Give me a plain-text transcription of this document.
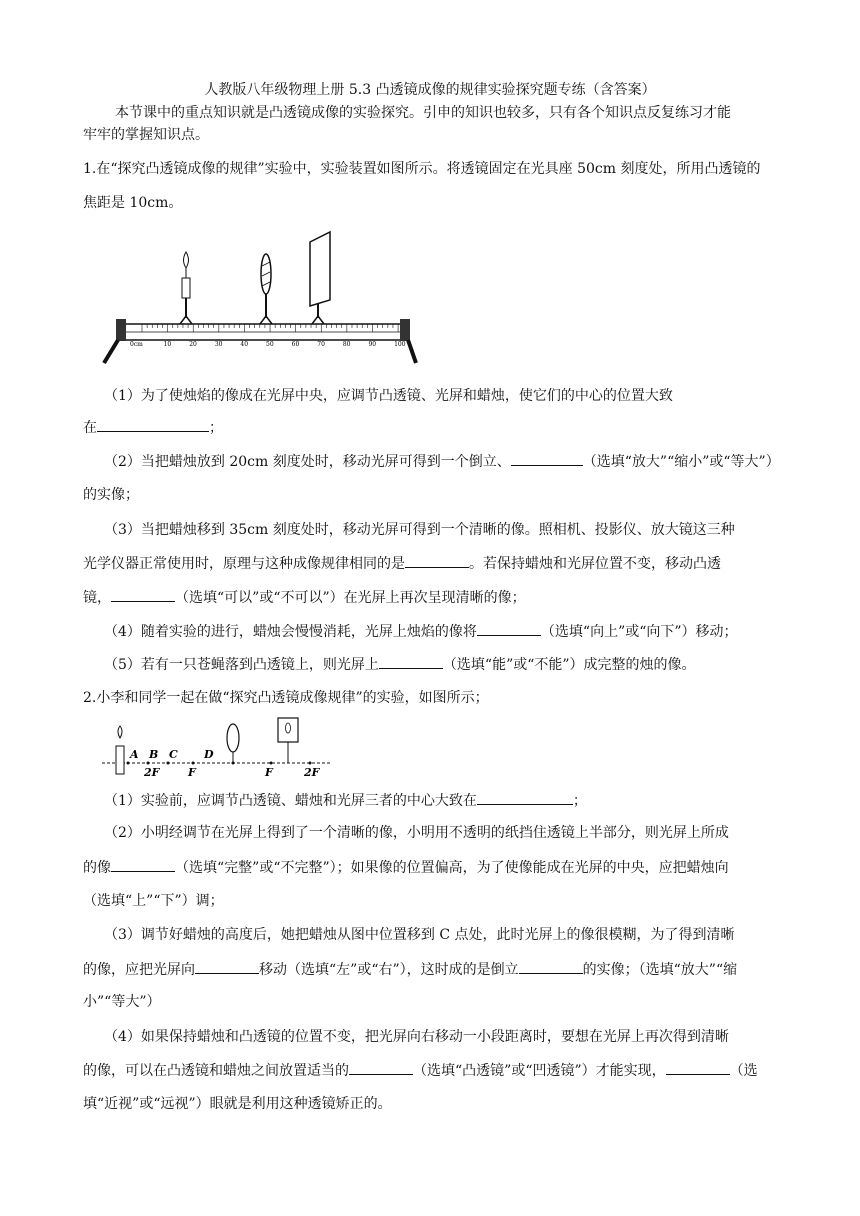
人教版八年级物理上册 5.3 凸透镜成像的规律实验探究题专练（含答案）
本节课中的重点知识就是凸透镜成像的实验探究。引申的知识也较多，只有各个知识点反复练习才能
牢牢的掌握知识点。
1.在“探究凸透镜成像的规律”实验中，实验装置如图所示。将透镜固定在光具座 50cm 刻度处，所用凸透镜的
焦距是 10cm。
0cm	10	20	30	40	50	60	70	80	90	100
（1）为了使烛焰的像成在光屏中央，应调节凸透镜、光屏和蜡烛，使它们的中心的位置大致
在	；
（2）当把蜡烛放到 20cm 刻度处时，移动光屏可得到一个倒立、	（选填“放大”“缩小”或“等大”）
的实像；
（3）当把蜡烛移到 35cm 刻度处时，移动光屏可得到一个清晰的像。照相机、投影仪、放大镜这三种
光学仪器正常使用时，原理与这种成像规律相同的是	。若保持蜡烛和光屏位置不变，移动凸透
镜，	（选填“可以”或“不可以”）在光屏上再次呈现清晰的像；
（4）随着实验的进行，蜡烛会慢慢消耗，光屏上烛焰的像将	（选填“向上”或“向下”）移动；
（5）若有一只苍蝇落到凸透镜上，则光屏上	（选填“能”或“不能”）成完整的烛的像。
2.小李和同学一起在做“探究凸透镜成像规律”的实验，如图所示；
A B C D
2F	F	F	2F
（1）实验前，应调节凸透镜、蜡烛和光屏三者的中心大致在	；
（2）小明经调节在光屏上得到了一个清晰的像，小明用不透明的纸挡住透镜上半部分，则光屏上所成
的像	（选填“完整”或“不完整”）；如果像的位置偏高，为了使像能成在光屏的中央，应把蜡烛向
（选填“上”“下”）调；
（3）调节好蜡烛的高度后，她把蜡烛从图中位置移到 C 点处，此时光屏上的像很模糊，为了得到清晰
的像，应把光屏向	移动（选填“左”或“右”），这时成的是倒立	的实像；（选填“放大”“缩
小”“等大”）
（4）如果保持蜡烛和凸透镜的位置不变，把光屏向右移动一小段距离时，要想在光屏上再次得到清晰
的像，可以在凸透镜和蜡烛之间放置适当的	（选填“凸透镜”或“凹透镜”）才能实现，	（选
填“近视”或“远视”）眼就是利用这种透镜矫正的。
